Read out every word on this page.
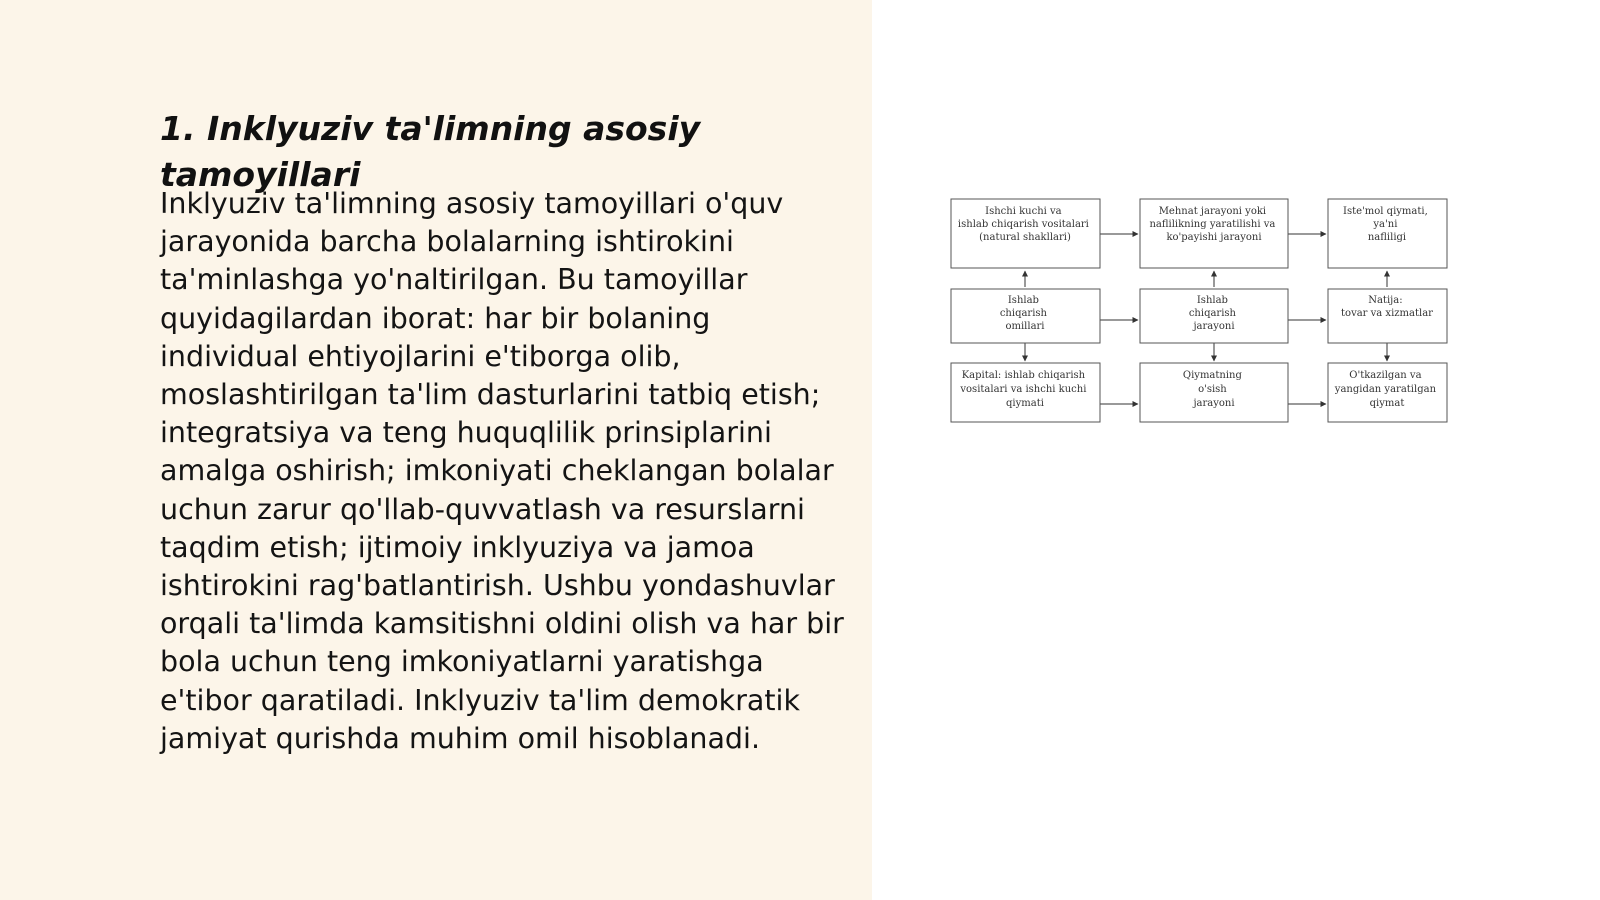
1. Inklyuziv ta'limning asosiy tamoyillari

Inklyuziv ta'limning asosiy tamoyillari o'quv jarayonida barcha bolalarning ishtirokini ta'minlashga yo'naltirilgan. Bu tamoyillar quyidagilardan iborat: har bir bolaning individual ehtiyojlarini e'tiborga olib, moslashtirilgan ta'lim dasturlarini tatbiq etish; integratsiya va teng huquqlilik prinsiplarini amalga oshirish; imkoniyati cheklangan bolalar uchun zarur qo'llab-quvvatlash va resurslarni taqdim etish; ijtimoiy inklyuziya va jamoa ishtirokini rag'batlantirish. Ushbu yondashuvlar orqali ta'limda kamsitishni oldini olish va har bir bola uchun teng imkoniyatlarni yaratishga e'tibor qaratiladi. Inklyuziv ta'lim demokratik jamiyat qurishda muhim omil hisoblanadi.

Ishchi kuchi va ishlab chiqarish vositalari (natural shakllari)
Mehnat jarayoni yoki naflilikning yaratilishi va ko'payishi jarayoni
Iste'mol qiymati, ya'ni nafliligi
Ishlab chiqarish omillari
Ishlab chiqarish jarayoni
Natija: tovar va xizmatlar
Kapital: ishlab chiqarish vositalari va ishchi kuchi qiymati
Qiymatning o'sish jarayoni
O'tkazilgan va yangidan yaratilgan qiymat
